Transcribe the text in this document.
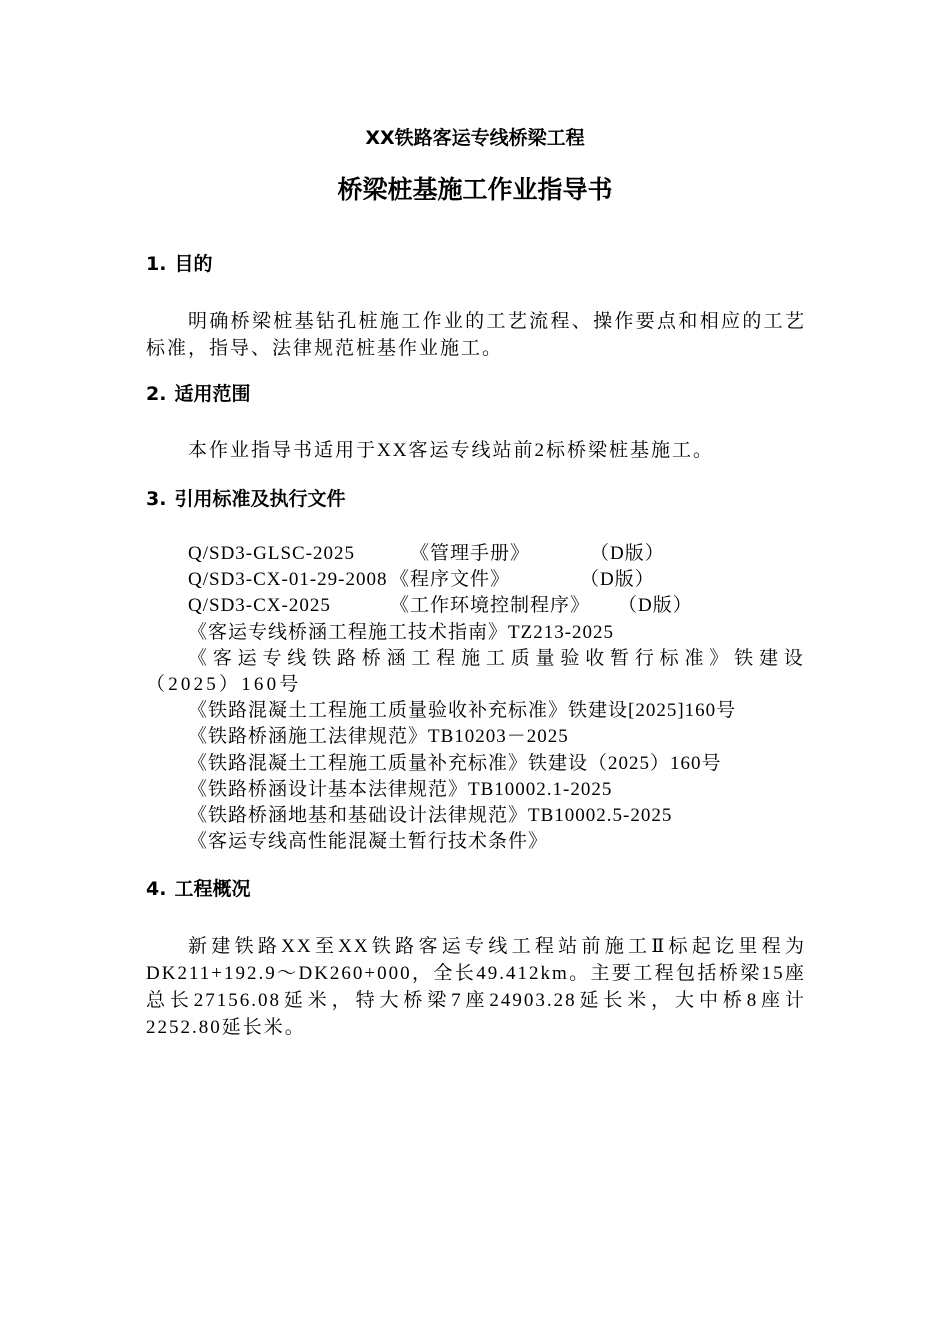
XX铁路客运专线桥梁工程
桥梁桩基施工作业指导书
1. 目的
明确桥梁桩基钻孔桩施工作业的工艺流程、操作要点和相应的工艺标准，指导、法律规范桩基作业施工。
2. 适用范围
本作业指导书适用于XX客运专线站前2标桥梁桩基施工。
3. 引用标准及执行文件
Q/SD3-GLSC-2025	《管理手册》	（D版）
Q/SD3-CX-01-29-2008 《程序文件》	（D版）
Q/SD3-CX-2025	《工作环境控制程序》 （D版）
《客运专线桥涵工程施工技术指南》TZ213-2025
《客运专线铁路桥涵工程施工质量验收暂行标准》铁建设（2025）160号
《铁路混凝土工程施工质量验收补充标准》铁建设[2025]160号
《铁路桥涵施工法律规范》TB10203－2025
《铁路混凝土工程施工质量补充标准》铁建设（2025）160号
《铁路桥涵设计基本法律规范》TB10002.1-2025
《铁路桥涵地基和基础设计法律规范》TB10002.5-2025
《客运专线高性能混凝土暂行技术条件》
4. 工程概况
新建铁路XX至XX铁路客运专线工程站前施工Ⅱ标起讫里程为DK211+192.9～DK260+000，全长49.412km。主要工程包括桥梁15座总长27156.08延米，特大桥梁7座24903.28延长米，大中桥8座计2252.80延长米。
